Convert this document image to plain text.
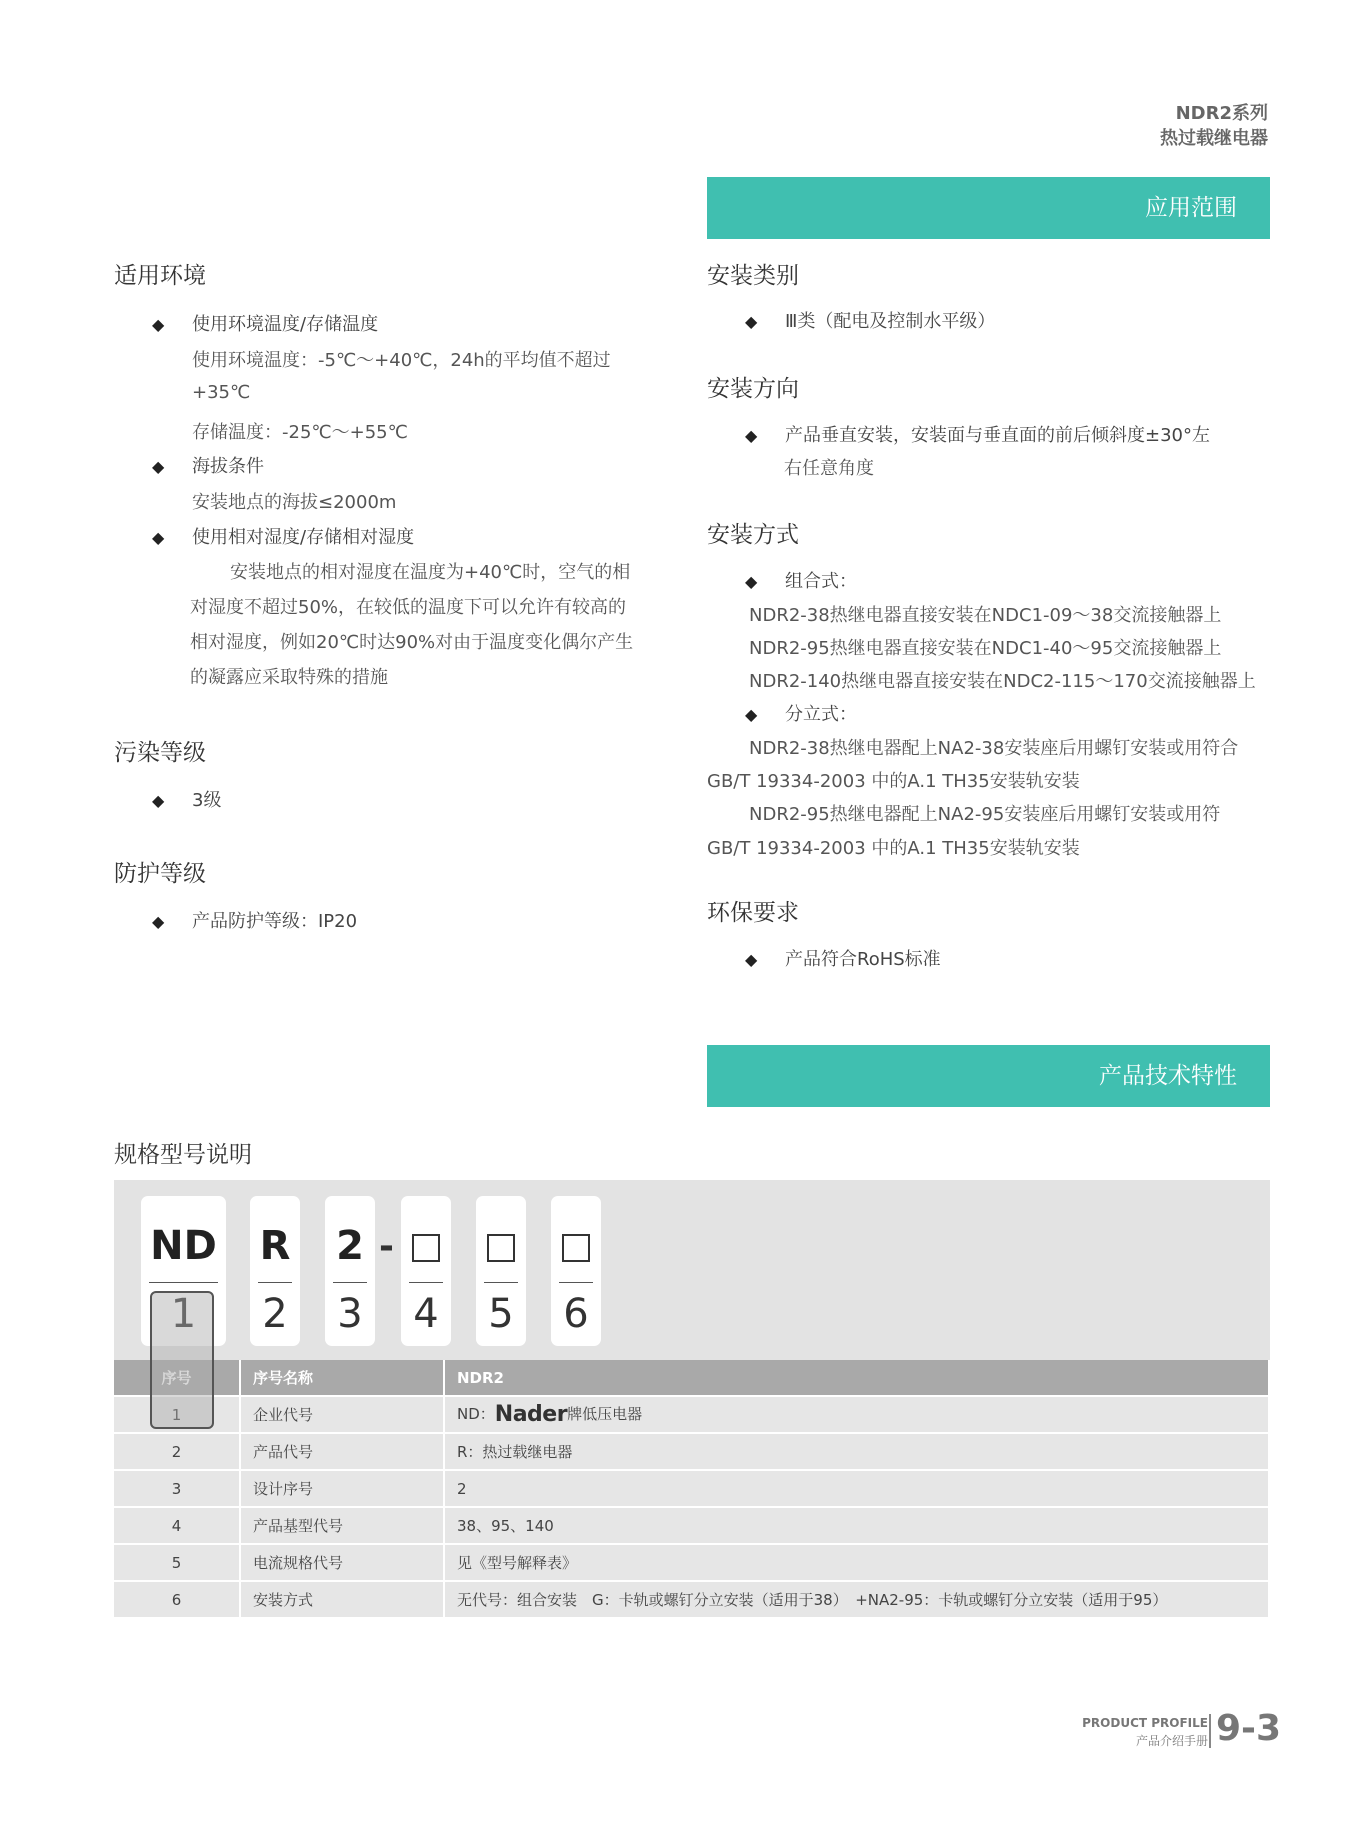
NDR2系列
热过载继电器
应用范围
适用环境
◆ 使用环境温度/存储温度
使用环境温度：-5℃～+40℃，24h的平均值不超过
+35℃
存储温度：-25℃～+55℃
◆ 海拔条件
安装地点的海拔≤2000m
◆ 使用相对湿度/存储相对湿度
安装地点的相对湿度在温度为+40℃时，空气的相
对湿度不超过50%，在较低的温度下可以允许有较高的
相对湿度，例如20℃时达90%对由于温度变化偶尔产生
的凝露应采取特殊的措施
污染等级
◆ 3级
防护等级
◆ 产品防护等级：IP20
安装类别
◆ Ⅲ类（配电及控制水平级）
安装方向
◆ 产品垂直安装，安装面与垂直面的前后倾斜度±30°左
右任意角度
安装方式
◆ 组合式：
NDR2-38热继电器直接安装在NDC1-09～38交流接触器上
NDR2-95热继电器直接安装在NDC1-40～95交流接触器上
NDR2-140热继电器直接安装在NDC2-115～170交流接触器上
◆ 分立式：
NDR2-38热继电器配上NA2-38安装座后用螺钉安装或用符合
GB/T 19334-2003 中的A.1 TH35安装轨安装
NDR2-95热继电器配上NA2-95安装座后用螺钉安装或用符
GB/T 19334-2003 中的A.1 TH35安装轨安装
环保要求
◆ 产品符合RoHS标准
产品技术特性
规格型号说明
ND
1
R
2
2
3
-
4	5	6
序号	序号名称	NDR2
1	企业代号	ND：Nader牌低压电器
2	产品代号	R：热过载继电器
3	设计序号	2
4	产品基型代号	38、95、140
5	电流规格代号	见《型号解释表》
6	安装方式	无代号：组合安装　G：卡轨或螺钉分立安装（适用于38）　+NA2-95：卡轨或螺钉分立安装（适用于95）
PRODUCT PROFILE
产品介绍手册 9-3
